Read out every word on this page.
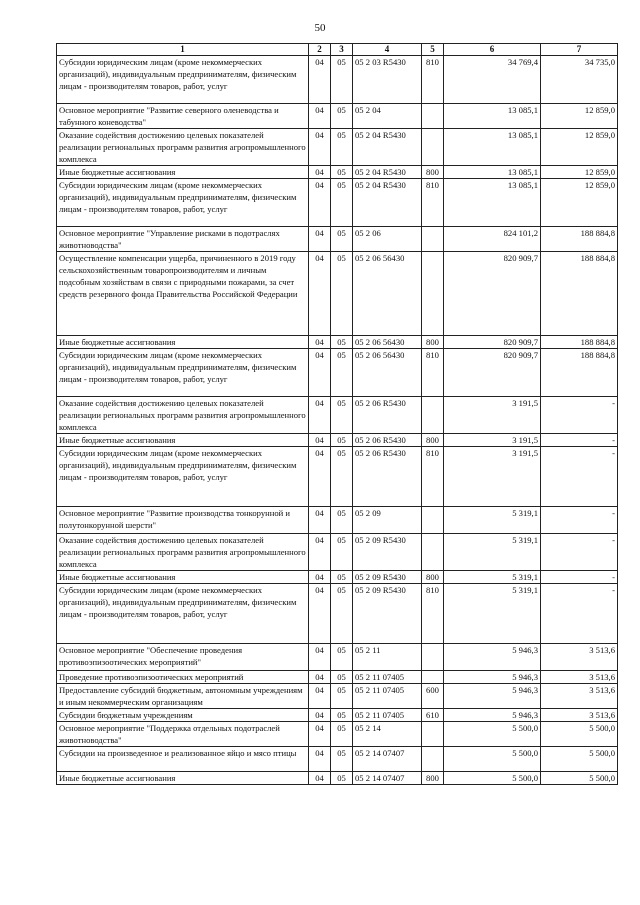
50
1	2	3	4	5	6	7
Субсидии юридическим лицам (кроме некоммерческих организаций), индивидуальным предпринимателям, физическим лицам - производителям товаров, работ, услуг	04	05	05 2 03 R5430	810	34 769,4	34 735,0
Основное мероприятие "Развитие северного оленеводства и табунного коневодства"	04	05	05 2 04		13 085,1	12 859,0
Оказание содействия достижению целевых показателей реализации региональных программ развития агропромышленного комплекса	04	05	05 2 04 R5430		13 085,1	12 859,0
Иные бюджетные ассигнования	04	05	05 2 04 R5430	800	13 085,1	12 859,0
Субсидии юридическим лицам (кроме некоммерческих организаций), индивидуальным предпринимателям, физическим лицам - производителям товаров, работ, услуг	04	05	05 2 04 R5430	810	13 085,1	12 859,0
Основное мероприятие "Управление рисками в подотраслях животноводства"	04	05	05 2 06		824 101,2	188 884,8
Осуществление компенсации ущерба, причиненного в 2019 году сельскохозяйственным товаропроизводителям и личным подсобным хозяйствам в связи с природными пожарами, за счет средств резервного фонда Правительства Российской Федерации	04	05	05 2 06 56430		820 909,7	188 884,8
Иные бюджетные ассигнования	04	05	05 2 06 56430	800	820 909,7	188 884,8
Субсидии юридическим лицам (кроме некоммерческих организаций), индивидуальным предпринимателям, физическим лицам - производителям товаров, работ, услуг	04	05	05 2 06 56430	810	820 909,7	188 884,8
Оказание содействия достижению целевых показателей реализации региональных программ развития агропромышленного комплекса	04	05	05 2 06 R5430		3 191,5	-
Иные бюджетные ассигнования	04	05	05 2 06 R5430	800	3 191,5	-
Субсидии юридическим лицам (кроме некоммерческих организаций), индивидуальным предпринимателям, физическим лицам - производителям товаров, работ, услуг	04	05	05 2 06 R5430	810	3 191,5	-
Основное мероприятие "Развитие производства тонкорунной и полутонкорунной шерсти"	04	05	05 2 09		5 319,1	-
Оказание содействия достижению целевых показателей реализации региональных программ развития агропромышленного комплекса	04	05	05 2 09 R5430		5 319,1	-
Иные бюджетные ассигнования	04	05	05 2 09 R5430	800	5 319,1	-
Субсидии юридическим лицам (кроме некоммерческих организаций), индивидуальным предпринимателям, физическим лицам - производителям товаров, работ, услуг	04	05	05 2 09 R5430	810	5 319,1	-
Основное мероприятие "Обеспечение проведения противоэпизоотических мероприятий"	04	05	05 2 11		5 946,3	3 513,6
Проведение противоэпизоотических мероприятий	04	05	05 2 11 07405		5 946,3	3 513,6
Предоставление субсидий бюджетным, автономным учреждениям и иным некоммерческим организациям	04	05	05 2 11 07405	600	5 946,3	3 513,6
Субсидии бюджетным учреждениям	04	05	05 2 11 07405	610	5 946,3	3 513,6
Основное мероприятие "Поддержка отдельных подотраслей животноводства"	04	05	05 2 14		5 500,0	5 500,0
Субсидии на произведенное и реализованное яйцо и мясо птицы	04	05	05 2 14 07407		5 500,0	5 500,0
Иные бюджетные ассигнования	04	05	05 2 14 07407	800	5 500,0	5 500,0
